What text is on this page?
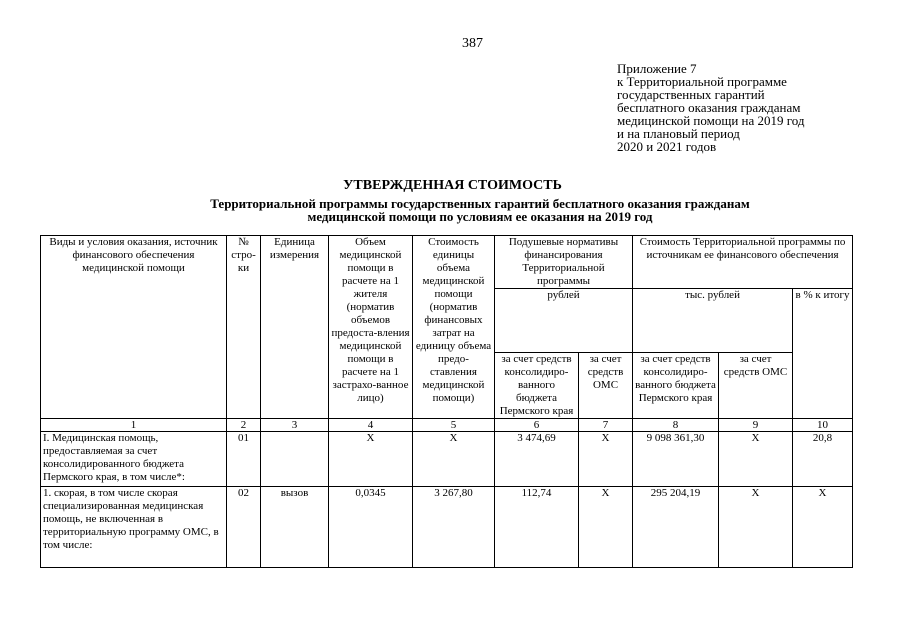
387
Приложение 7
к Территориальной программе
государственных гарантий
бесплатного оказания гражданам
медицинской помощи на 2019 год
и на плановый период
2020 и 2021 годов
УТВЕРЖДЕННАЯ СТОИМОСТЬ
Территориальной программы государственных гарантий бесплатного оказания гражданам
медицинской помощи по условиям ее оказания на 2019 год
Виды и условия оказания, источник финансового обеспечения медицинской помощи	№ стро-ки	Единица измерения	Объем медицинской помощи в расчете на 1 жителя (норматив объемов предоста-вления медицинской помощи в расчете на 1 застрахо-ванное лицо)	Стоимость единицы объема медицинской помощи (норматив финансовых затрат на единицу объема предо-ставления медицинской помощи)	Подушевые нормативы финансирования Территориальной программы		Стоимость Территориальной программы по источникам ее финансового обеспечения		
					рублей		тыс. рублей		в % к итогу
					за счет средств консолидиро-ванного бюджета Пермского края	за счет средств ОМС	за счет средств консолидиро-ванного бюджета Пермского края	за счет средств ОМС	
1	2	3	4	5	6	7	8	9	10
I. Медицинская помощь, предоставляемая за счет консолидированного бюджета Пермского края, в том числе*:	01		X	X	3 474,69	X	9 098 361,30	X	20,8
1. скорая, в том числе скорая специализированная медицинская помощь, не включенная в территориальную программу ОМС, в том числе:	02	вызов	0,0345	3 267,80	112,74	X	295 204,19	X	X
